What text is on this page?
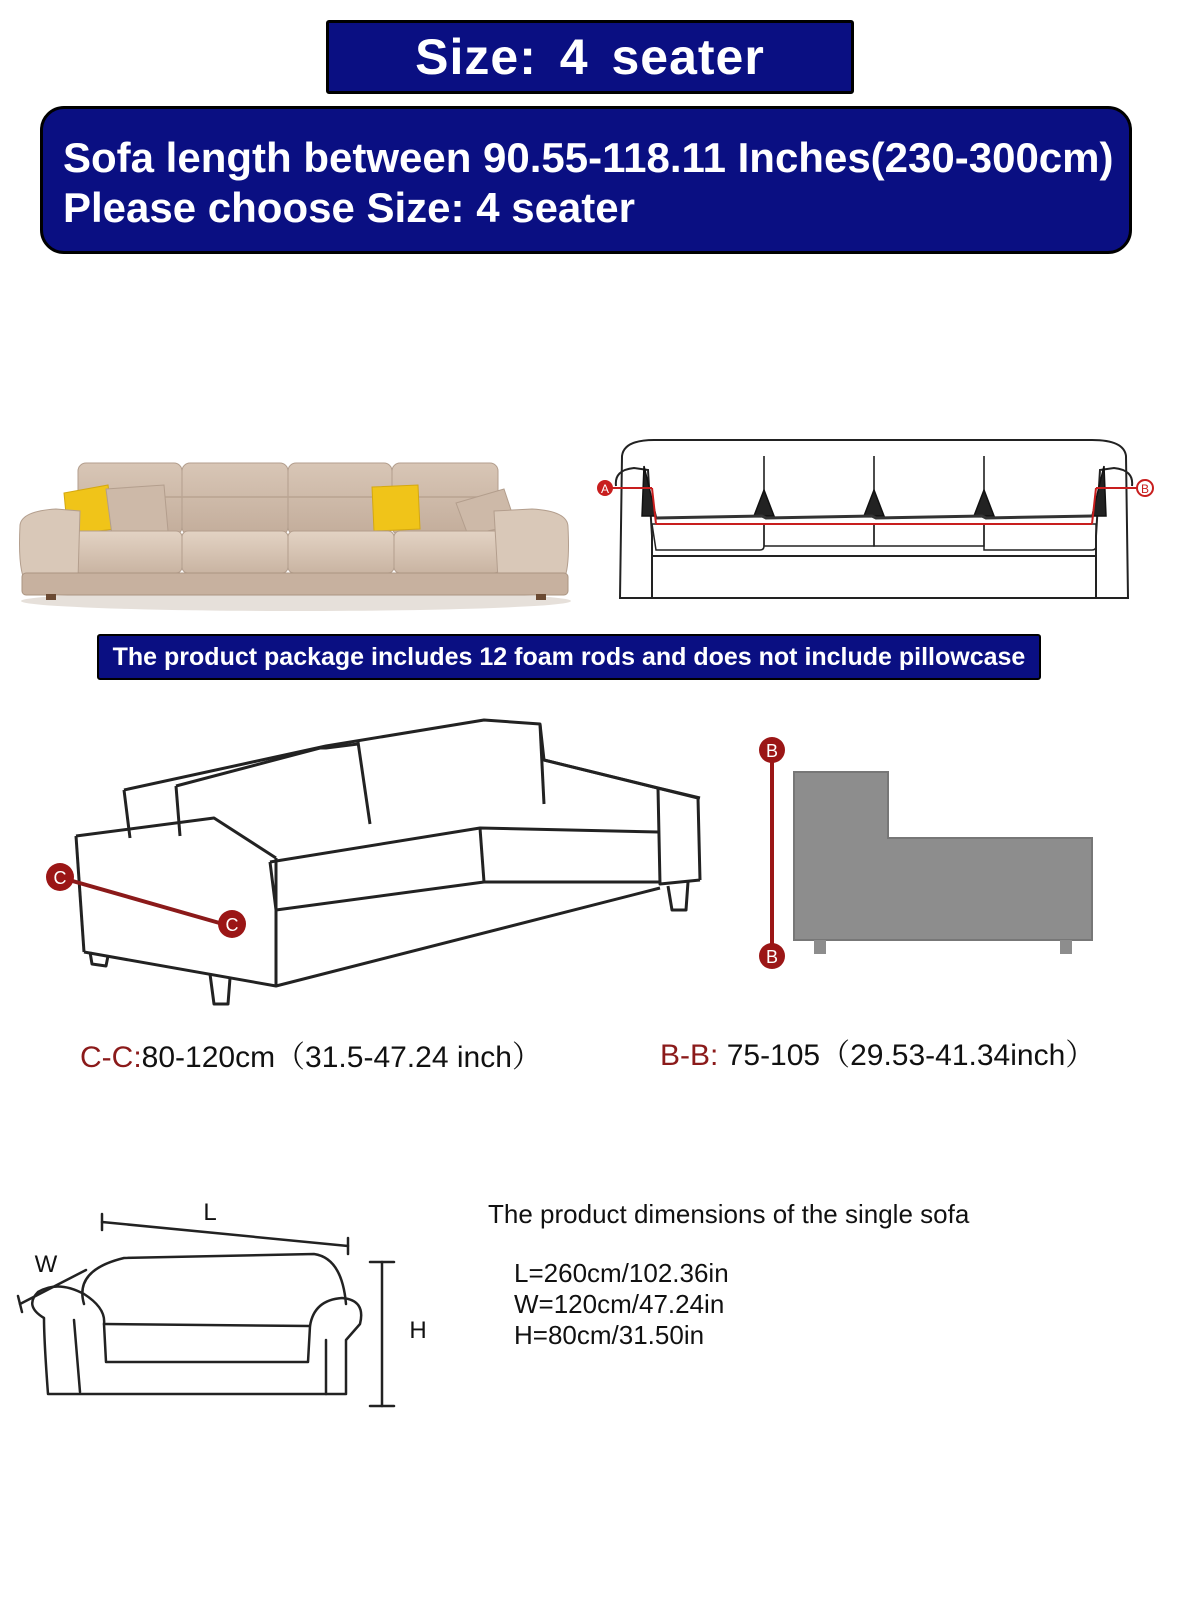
Size: 4 seater
Sofa length between 90.55-118.11 Inches(230-300cm)
Please choose Size: 4 seater
A	B
The product package includes 12 foam rods and does not include pillowcase
C
C
B
B
C-C:80-120cm（31.5-47.24 inch）	B-B: 75-105（29.53-41.34inch）
L
W
H
The product dimensions of the single sofa
L=260cm/102.36in
W=120cm/47.24in
H=80cm/31.50in
